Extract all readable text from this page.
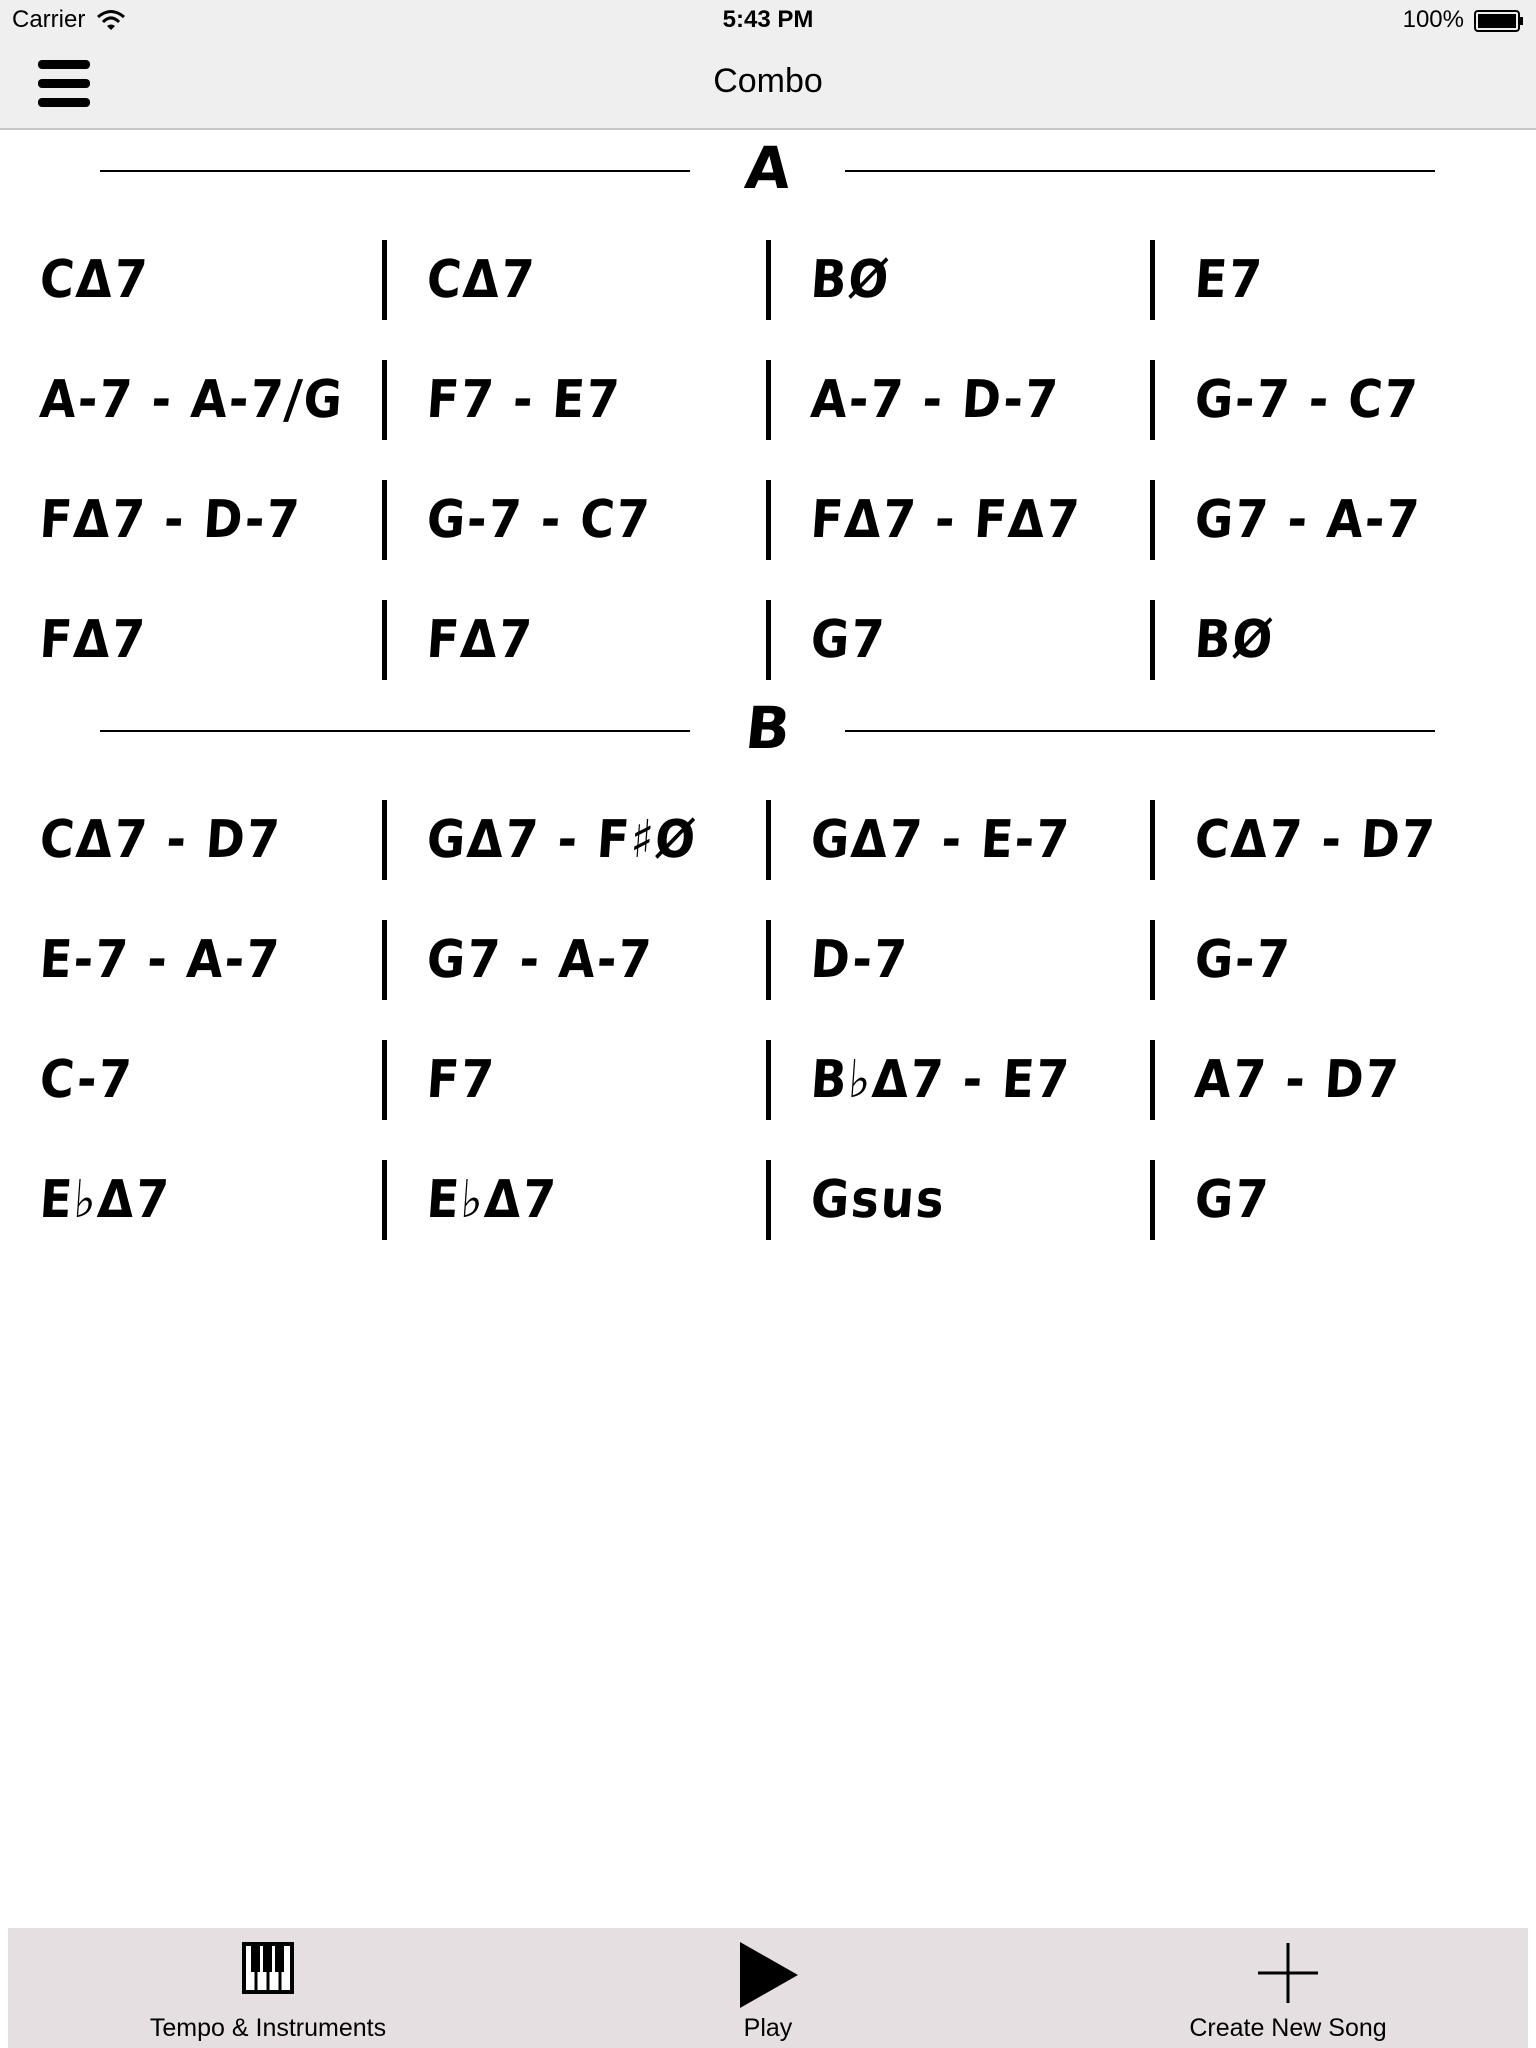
Carrier	5:43 PM	100%
Combo
A
CΔ7	CΔ7	BØ	E7
A-7 - A-7/G	F7 - E7	A-7 - D-7	G-7 - C7
FΔ7 - D-7	G-7 - C7	FΔ7 - FΔ7	G7 - A-7
FΔ7	FΔ7	G7	BØ
B
CΔ7 - D7	GΔ7 - F♯Ø	GΔ7 - E-7	CΔ7 - D7
E-7 - A-7	G7 - A-7	D-7	G-7
C-7	F7	B♭Δ7 - E7	A7 - D7
E♭Δ7	E♭Δ7	Gsus	G7
Tempo & Instruments	Play	Create New Song
